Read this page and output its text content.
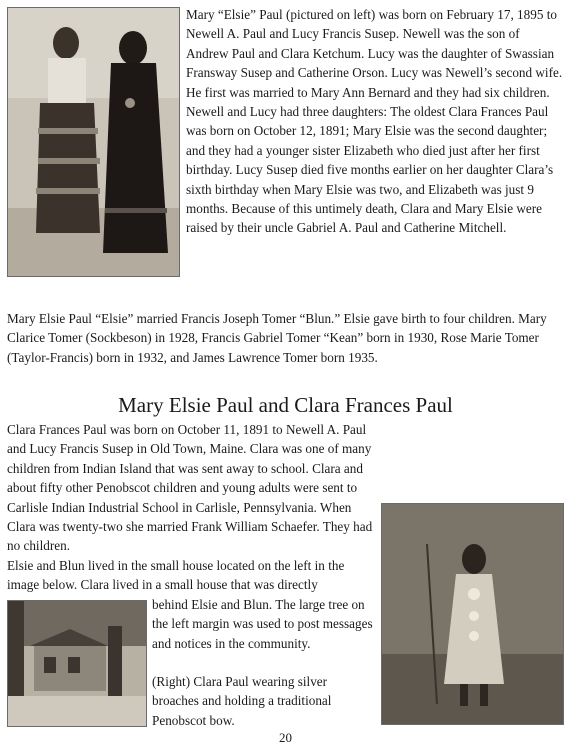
Mary “Elsie” Paul (pictured on left) was born on February 17, 1895 to Newell A. Paul and Lucy Francis Susep. Newell was the son of Andrew Paul and Clara Ketchum. Lucy was the daughter of Swassian Fransway Susep and Catherine Orson. Lucy was Newell’s second wife. He first was married to Mary Ann Bernard and they had six children. Newell and Lucy had three daughters: The oldest Clara Frances Paul was born on October 12, 1891; Mary Elsie was the second daughter; and they had a younger sister Elizabeth who died just after her first birthday. Lucy Susep died five months earlier on her daughter Clara’s sixth birthday when Mary Elsie was two, and Elizabeth was just 9 months. Because of this untimely death, Clara and Mary Elsie were raised by their uncle Gabriel A. Paul and Catherine Mitchell.

Mary Elsie Paul “Elsie” married Francis Joseph Tomer “Blun.” Elsie gave birth to four children. Mary Clarice Tomer (Sockbeson) in 1928, Francis Gabriel Tomer “Kean” born in 1930, Rose Marie Tomer (Taylor-Francis) born in 1932, and James Lawrence Tomer born 1935.

Mary Elsie Paul and Clara Frances Paul

Clara Frances Paul was born on October 11, 1891 to Newell A. Paul and Lucy Francis Susep in Old Town, Maine. Clara was one of many children from Indian Island that was sent away to school. Clara and about fifty other Penobscot children and young adults were sent to Carlisle Indian Industrial School in Carlisle, Pennsylvania. When Clara was twenty-two she married Frank William Schaefer. They had no children.

Elsie and Blun lived in the small house located on the left in the image below. Clara lived in a small house that was directly

behind Elsie and Blun. The large tree on the left margin was used to post messages and notices in the community.

(Right) Clara Paul wearing silver broaches and holding a traditional Penobscot bow.

20
